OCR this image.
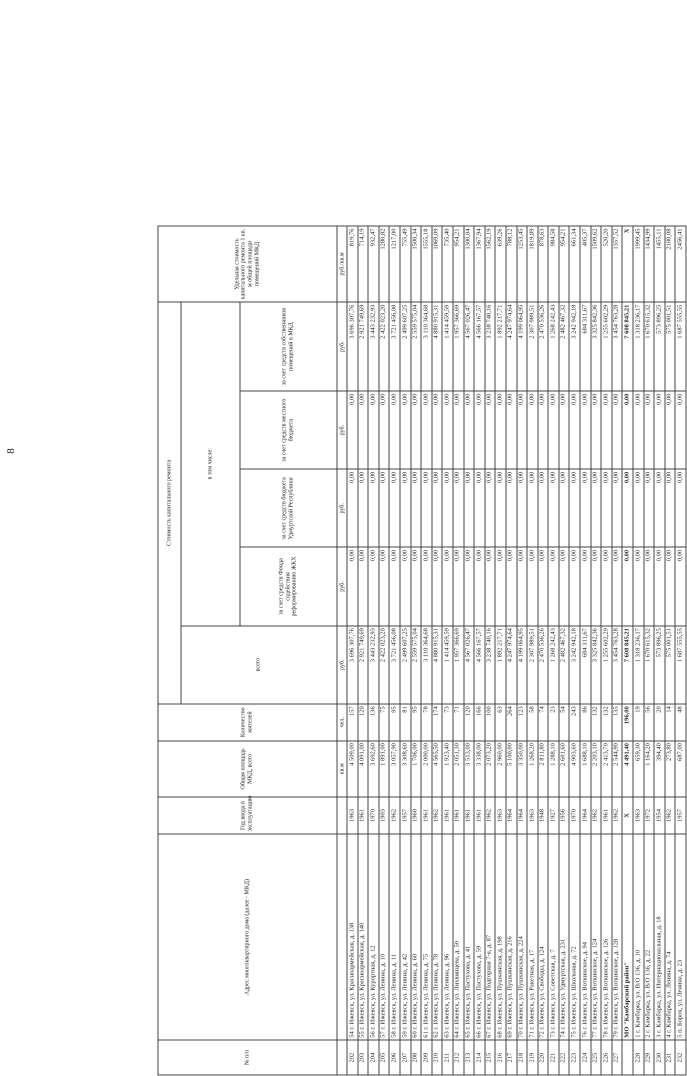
8
№ п/п	Адрес многоквартирного дома (далее - МКД)	Год ввода в эксплуатацию	Общая площадь МКД, всего	Количество жителей	Стоимость капитального ремонта					Удельная стоимость капитального ремонта 1 кв. м общей площади помещений МКД
					всего	в том числе:				
						за счет средств Фонда содействия реформированию ЖКХ	за счет средств бюджета Удмуртской Республики	за счет средств местного бюджета	за счет средств собственников помещений в МКД	
			кв.м	чел.	руб.	руб.	руб.	руб.	руб.	руб./кв.м
202	54 г. Ижевск, ул. Красноармейская, д. 138	1963	4 509,00	157	3 696 307,76	0,00	0,00	0,00	3 696 307,76	819,76
203	55 г. Ижевск, ул. Красноармейская, д. 140	1961	4 091,00	120	2 921 749,69	0,00	0,00	0,00	2 921 749,69	714,19
204	56 г. Ижевск, ул. Курортная, д. 12	1970	3 692,60	136	3 443 232,93	0,00	0,00	0,00	3 443 232,93	932,47
205	57 г. Ижевск, ул. Ленина, д. 10	1903	1 891,00	75	2 422 023,20	0,00	0,00	0,00	2 422 023,20	1280,82
206	58 г. Ижевск, ул. Ленина, д. 11	1962	3 057,90	95	3 721 456,08	0,00	0,00	0,00	3 721 456,08	1217,00
207	59 г. Ижевск, ул. Ленина, д. 42	1957	3 308,60	81	2 499 607,25	0,00	0,00	0,00	2 499 607,25	755,49
208	60 г. Ижевск, ул. Ленина, д. 60	1960	1 706,00	95	2 559 575,04	0,00	0,00	0,00	2 559 575,04	1500,34
209	61 г. Ижевск, ул. Ленина, д. 75	1961	2 000,00	78	3 110 364,68	0,00	0,00	0,00	3 110 364,68	1555,18
210	62 г. Ижевск, ул. Ленина, д. 78	1962	4 565,50	174	4 880 915,31	0,00	0,00	0,00	4 880 915,31	1069,09
211	63 г. Ижевск, ул. Ленина, д. 96	1961	1 923,40	73	1 414 459,59	0,00	0,00	0,00	1 414 459,59	735,40
212	64 г. Ижевск, ул. Лихвинцева, д. 50	1961	2 051,30	71	1 957 366,69	0,00	0,00	0,00	1 957 366,69	954,21
213	65 г. Ижевск, ул. Пастухова, д. 41	1961	3 513,00	120	4 567 026,47	0,00	0,00	0,00	4 567 026,47	1300,04
214	66 г. Ижевск, ул. Пастухова, д. 59	1961	3 338,00	166	4 566 167,57	0,00	0,00	0,00	4 566 167,57	1367,94
215	67 г. Ижевск, ул. Подгорная 7-я, д. 87	1962	2 073,20	100	3 238 740,16	0,00	0,00	0,00	3 238 740,16	1562,19
216	68 г. Ижевск, ул. Пушкинская, д. 198	1963	2 960,00	63	1 892 217,71	0,00	0,00	0,00	1 892 217,71	639,26
217	69 г. Ижевск, ул. Пушкинская, д. 216	1964	5 100,00	264	4 247 974,64	0,00	0,00	0,00	4 247 974,64	788,12
218	70 г. Ижевск, ул. Пушкинская, д. 224	1964	3 350,00	123	4 199 064,95	0,00	0,00	0,00	4 199 064,95	1253,45
219	71 г. Ижевск, ул. Ракетная, д. 17	1963	1 268,20	58	2 307 989,51	0,00	0,00	0,00	2 307 989,51	1819,89
220	72 г. Ижевск, ул. Свободы, д. 124	1948	2 811,80	74	2 470 536,26	0,00	0,00	0,00	2 470 536,26	878,63
221	73 г. Ижевск, ул. Советская, д. 7	1927	1 288,10	23	1 268 242,43	0,00	0,00	0,00	1 268 242,43	984,58
222	74 г. Ижевск, ул. Удмуртская, д. 231	1956	2 601,60	54	2 482 467,32	0,00	0,00	0,00	2 482 467,32	954,21
223	75 г. Ижевск, ул. Школьная, д. 72	1970	4 903,60	243	3 242 942,18	0,00	0,00	0,00	3 242 942,18	661,34
224	76 г. Ижевск, ул. Воткинское, д. 94	1964	1 688,10	86	684 311,67	0,00	0,00	0,00	684 311,67	405,37
225	77 г. Ижевск, ул. Воткинское, д. 124	1962	2 203,10	132	3 325 842,36	0,00	0,00	0,00	3 325 842,36	1509,62
226	78 г. Ижевск, ул. Воткинское, д. 126	1961	2 413,70	132	1 255 602,29	0,00	0,00	0,00	1 255 602,29	520,20
227	79 г. Ижевск, ул. Воткинское, д. 128	1962	2 544,90	135	3 454 763,28	0,00	0,00	0,00	3 454 763,28	1357,52
	МО "Камбарский район"	X	4 491,40	196,00	7 608 845,21	0,00	0,00	0,00	7 608 845,21	X
228	1 г. Камбарка, ул. В/О 136, д. 10	1963	659,30	19	1 318 236,17	0,00	0,00	0,00	1 318 236,17	1999,45
229	2 г. Камбарка, ул. В/О 136, д. 22	1972	1 164,20	56	1 670 615,32	0,00	0,00	0,00	1 670 615,32	1434,99
230	3 г. Камбарка, ул. Интернациональная, д. 18	1954	394,40	20	573 896,25	0,00	0,00	0,00	573 896,25	1455,11
231	4 г. Камбарка, ул. Ленина, д. 74	1962	273,80	14	575 001,51	0,00	0,00	0,00	575 001,51	2100,08
232	5 п. Борок, ул. Ленина, д. 23	1957	687,00	48	1 687 555,55	0,00	0,00	0,00	1 687 555,55	2456,41
